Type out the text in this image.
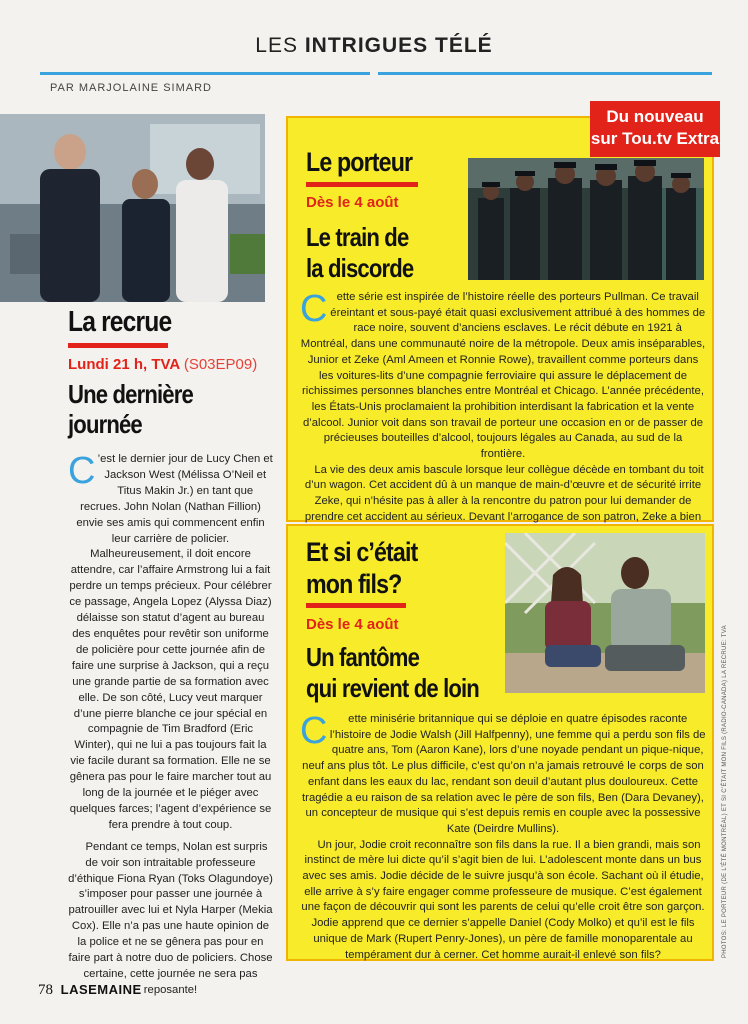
LES INTRIGUES TÉLÉ
PAR MARJOLAINE SIMARD
La recrue
Lundi 21 h, TVA (S03EP09)
Une dernière
journée

C ’est le dernier jour de Lucy Chen et Jackson West (Mélissa O’Neil et Titus Makin Jr.) en tant que recrues. John Nolan (Nathan Fillion) envie ses amis qui commencent enfin leur carrière de policier. Malheureusement, il doit encore attendre, car l’affaire Armstrong lui a fait perdre un temps précieux. Pour célébrer ce passage, Angela Lopez (Alyssa Diaz) délaisse son statut d’agent au bureau des enquêtes pour revêtir son uniforme de policière pour cette journée afin de faire une surprise à Jackson, qui a reçu une grande partie de sa formation avec elle. De son côté, Lucy veut marquer d’une pierre blanche ce jour spécial en compagnie de Tim Bradford (Eric Winter), qui ne lui a pas toujours fait la vie facile durant sa formation. Elle ne se gênera pas pour le faire marcher tout au long de la journée et le piéger avec quelques farces; l’agent d’expérience se fera prendre à tout coup.

Pendant ce temps, Nolan est surpris de voir son intraitable professeure d’éthique Fiona Ryan (Toks Olagundoye) s’imposer pour passer une journée à patrouiller avec lui et Nyla Harper (Mekia Cox). Elle n’a pas une haute opinion de la police et ne se gênera pas pour en faire part à notre duo de policiers. Chose certaine, cette journée ne sera pas reposante!

Du nouveau
sur Tou.tv Extra
Le porteur
Dès le 4 août
Le train de
la discorde

Cette série est inspirée de l’histoire réelle des porteurs Pullman. Ce travail éreintant et sous-payé était quasi exclusivement attribué à des hommes de race noire, souvent d’anciens esclaves. Le récit débute en 1921 à Montréal, dans une communauté noire de la métropole. Deux amis inséparables, Junior et Zeke (Aml Ameen et Ronnie Rowe), travaillent comme porteurs dans les voitures-lits d’une compagnie ferroviaire qui assure le déplacement de richissimes personnes blanches entre Montréal et Chicago. L’année précédente, les États-Unis proclamaient la prohibition interdisant la fabrication et la vente d’alcool. Junior voit dans son travail de porteur une occasion en or de passer de précieuses bouteilles d’alcool, toujours légales au Canada, au sud de la frontière.

La vie des deux amis bascule lorsque leur collègue décède en tombant du toit d’un wagon. Cet accident dû à un manque de main-d’œuvre et de sécurité irrite Zeke, qui n’hésite pas à aller à la rencontre du patron pour lui demander de prendre cet accident au sérieux. Devant l’arrogance de son patron, Zeke a bien

Et si c’était
mon fils?
Dès le 4 août
Un fantôme
qui revient de loin

C ette minisérie britannique qui se déploie en quatre épisodes raconte l’histoire de Jodie Walsh (Jill Halfpenny), une femme qui a perdu son fils de quatre ans, Tom (Aaron Kane), lors d’une noyade pendant un pique-nique, neuf ans plus tôt. Le plus difficile, c’est qu’on n’a jamais retrouvé le corps de son enfant dans les eaux du lac, rendant son deuil d’autant plus douloureux. Cette tragédie a eu raison de sa relation avec le père de son fils, Ben (Dara Devaney), un concepteur de musique qui s’est depuis remis en couple avec la possessive Kate (Deirdre Mullins).

Un jour, Jodie croit reconnaître son fils dans la rue. Il a bien grandi, mais son instinct de mère lui dicte qu’il s’agit bien de lui. L’adolescent monte dans un bus avec ses amis. Jodie décide de le suivre jusqu’à son école. Sachant où il étudie, elle arrive à s’y faire engager comme professeure de musique. C’est également une façon de découvrir qui sont les parents de celui qu’elle croit être son garçon. Jodie apprend que ce dernier s’appelle Daniel (Cody Molko) et qu’il est le fils unique de Mark (Rupert Penry-Jones), un père de famille monoparentale au tempérament dur à cerner. Cet homme aurait-il enlevé son fils?	PHOTOS: LE PORTEUR (DE L’ÉTÉ MONTRÉAL) ET SI C’ÉTAIT MON FILS (RADIO-CANADA) LA RECRUE: TVA
78 LASEMAINE
